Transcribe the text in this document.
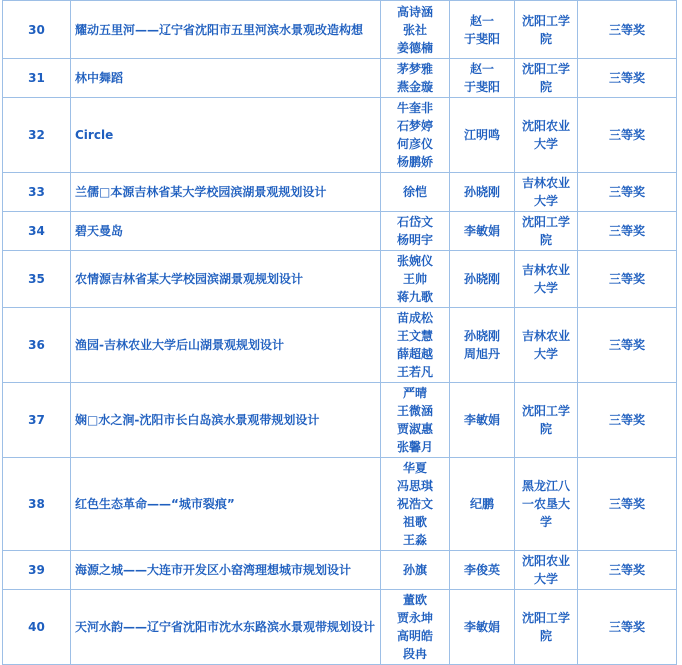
30	耀动五里河——辽宁省沈阳市五里河滨水景观改造构想	高诗涵
张社
姜德楠	赵一
于斐阳	沈阳工学
院	三等奖
31	林中舞蹈	茅梦雅
燕金璇	赵一
于斐阳	沈阳工学
院	三等奖
32	Circle	牛奎非
石梦婷
何彦仪
杨鹏娇	江明鸣	沈阳农业
大学	三等奖
33	兰儒□本源吉林省某大学校园滨湖景观规划设计	徐恺	孙晓刚	吉林农业
大学	三等奖
34	碧天曼岛	石岱文
杨明宇	李敏娟	沈阳工学
院	三等奖
35	农情源吉林省某大学校园滨湖景观规划设计	张婉仪
王帅
蒋九歌	孙晓刚	吉林农业
大学	三等奖
36	渔园-吉林农业大学后山湖景观规划设计	苗成松
王文慧
薛超越
王若凡	孙晓刚
周旭丹	吉林农业
大学	三等奖
37	娴□水之涧-沈阳市长白岛滨水景观带规划设计	严晴
王微涵
贾淑惠
张馨月	李敏娟	沈阳工学
院	三等奖
38	红色生态革命——“城市裂痕”	华夏
冯思琪
祝浩文
祖歌
王淼	纪鹏	黑龙江八
一农垦大
学	三等奖
39	海源之城——大连市开发区小窑湾理想城市规划设计	孙旗	李俊英	沈阳农业
大学	三等奖
40	天河水韵——辽宁省沈阳市沈水东路滨水景观带规划设计	董欧
贾永坤
高明皓
段冉	李敏娟	沈阳工学
院	三等奖
